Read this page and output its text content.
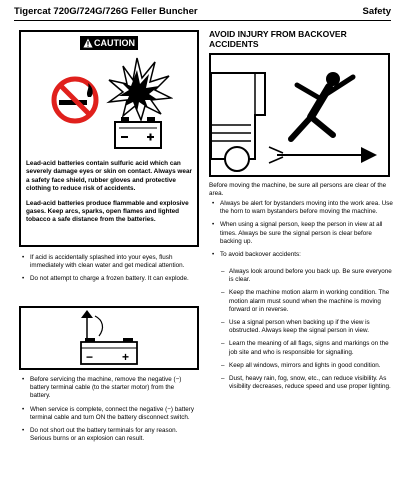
Tigercat 720G/724G/726G Feller Buncher	Safety
CAUTION

Lead-acid batteries contain sulfuric acid which can severely damage eyes or skin on contact. Always wear a safety face shield, rubber gloves and protective clothing to reduce risk of accidents.

Lead-acid batteries produce flammable and explosive gases. Keep arcs, sparks, open flames and lighted tobacco a safe distance from the batteries.

• If acid is accidentally splashed into your eyes, flush immediately with clean water and get medical attention.
• Do not attempt to charge a frozen battery. It can explode.
− +
• Before servicing the machine, remove the negative (−) battery terminal cable (to the starter motor) from the battery.
• When service is complete, connect the negative (−) battery terminal cable and turn ON the battery disconnect switch.
• Do not short out the battery terminals for any reason. Serious burns or an explosion can result.
AVOID INJURY FROM BACKOVER ACCIDENTS
Before moving the machine, be sure all persons are clear of the area.
• Always be alert for bystanders moving into the work area. Use the horn to warn bystanders before moving the machine.
• When using a signal person, keep the person in view at all times. Always be sure the signal person is clear before backing up.
• To avoid backover accidents:
– Always look around before you back up. Be sure everyone is clear.
– Keep the machine motion alarm in working condition. The motion alarm must sound when the machine is moving forward or in reverse.
– Use a signal person when backing up if the view is obstructed. Always keep the signal person in view.
– Learn the meaning of all flags, signs and markings on the job site and who is responsible for signalling.
– Keep all windows, mirrors and lights in good condition.
– Dust, heavy rain, fog, snow, etc., can reduce visibility. As visibility decreases, reduce speed and use proper lighting.
